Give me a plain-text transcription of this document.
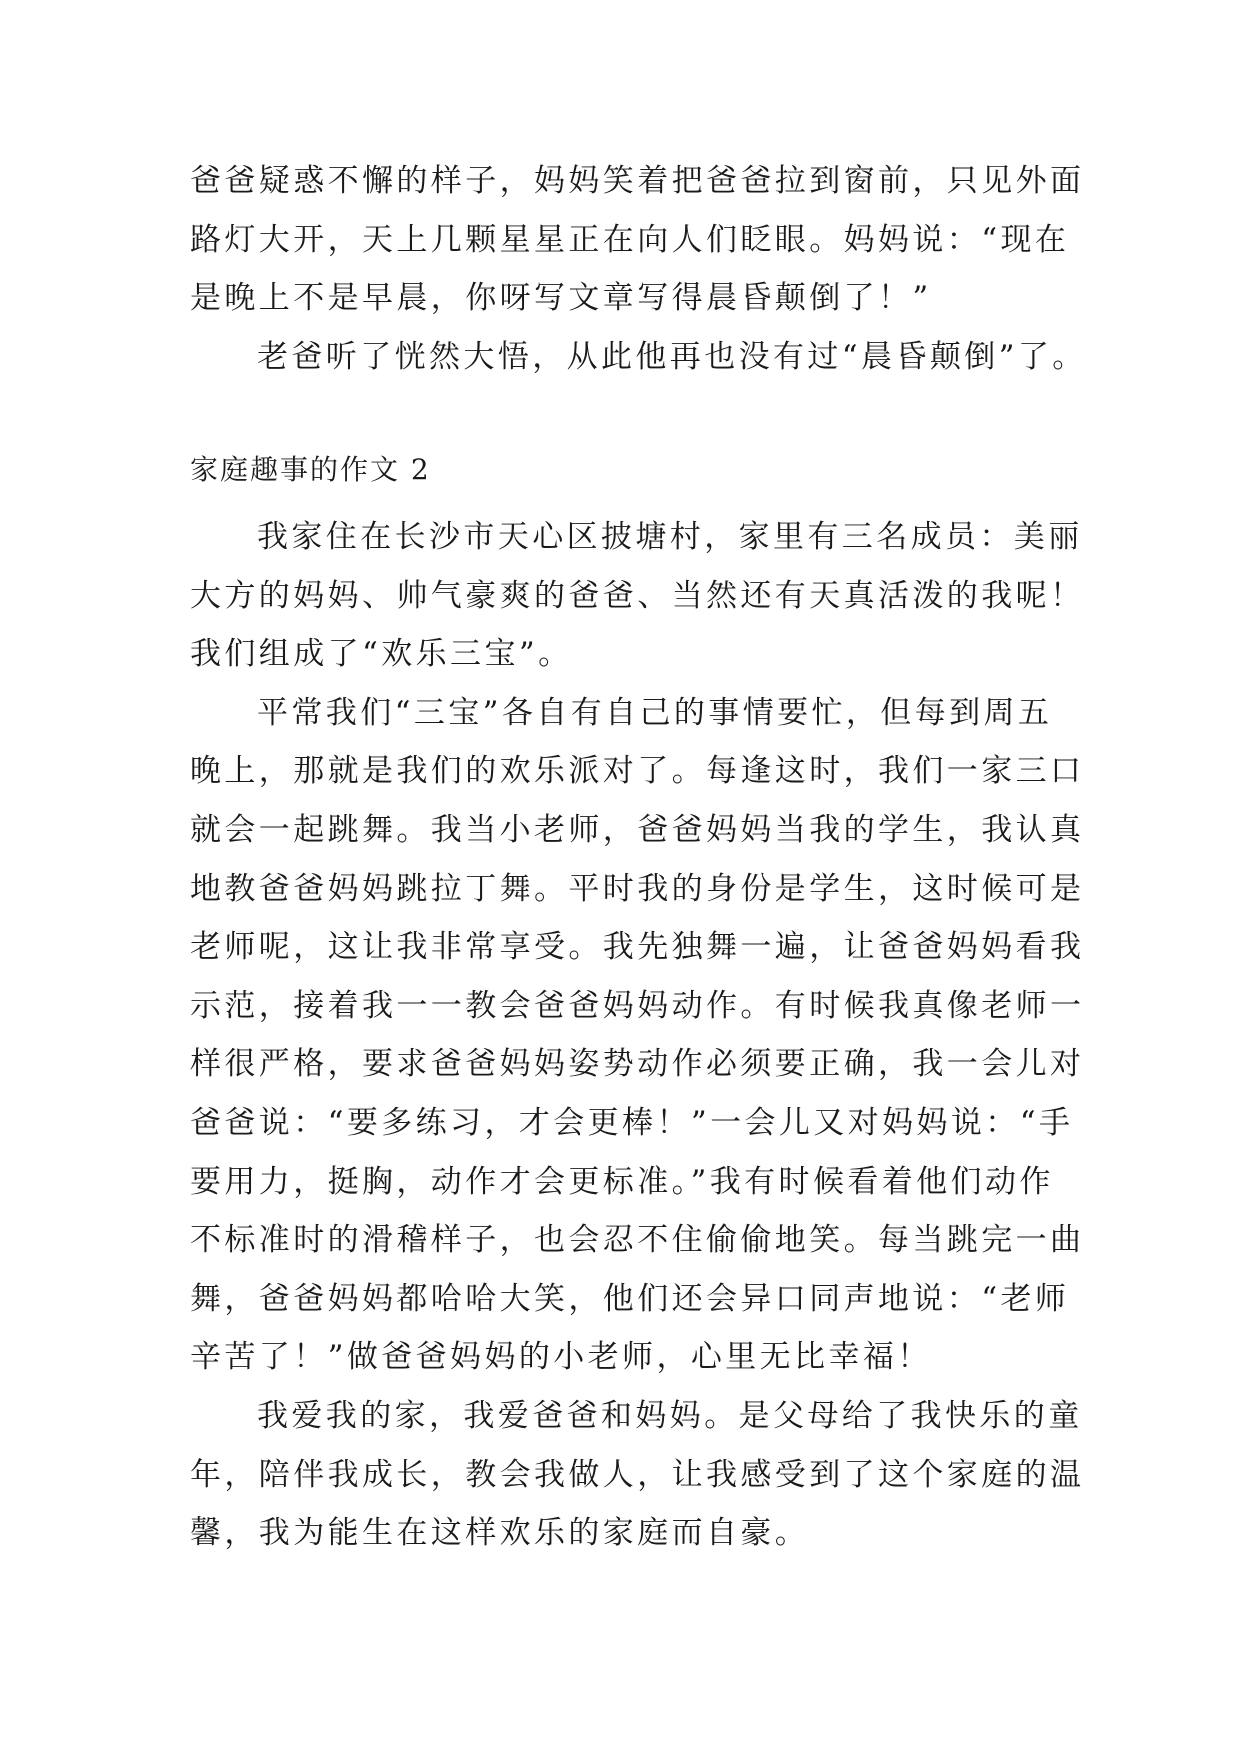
爸爸疑惑不懈的样子，妈妈笑着把爸爸拉到窗前，只见外面
路灯大开，天上几颗星星正在向人们眨眼。妈妈说：“现在
是晚上不是早晨，你呀写文章写得晨昏颠倒了！”
老爸听了恍然大悟，从此他再也没有过“晨昏颠倒”了。
家庭趣事的作文 2
我家住在长沙市天心区披塘村，家里有三名成员：美丽
大方的妈妈、帅气豪爽的爸爸、当然还有天真活泼的我呢！
我们组成了“欢乐三宝”。
平常我们“三宝”各自有自己的事情要忙，但每到周五
晚上，那就是我们的欢乐派对了。每逢这时，我们一家三口
就会一起跳舞。我当小老师，爸爸妈妈当我的学生，我认真
地教爸爸妈妈跳拉丁舞。平时我的身份是学生，这时候可是
老师呢，这让我非常享受。我先独舞一遍，让爸爸妈妈看我
示范，接着我一一教会爸爸妈妈动作。有时候我真像老师一
样很严格，要求爸爸妈妈姿势动作必须要正确，我一会儿对
爸爸说：“要多练习，才会更棒！”一会儿又对妈妈说：“手
要用力，挺胸，动作才会更标准。”我有时候看着他们动作
不标准时的滑稽样子，也会忍不住偷偷地笑。每当跳完一曲
舞，爸爸妈妈都哈哈大笑，他们还会异口同声地说：“老师
辛苦了！”做爸爸妈妈的小老师，心里无比幸福！
我爱我的家，我爱爸爸和妈妈。是父母给了我快乐的童
年，陪伴我成长，教会我做人，让我感受到了这个家庭的温
馨，我为能生在这样欢乐的家庭而自豪。
